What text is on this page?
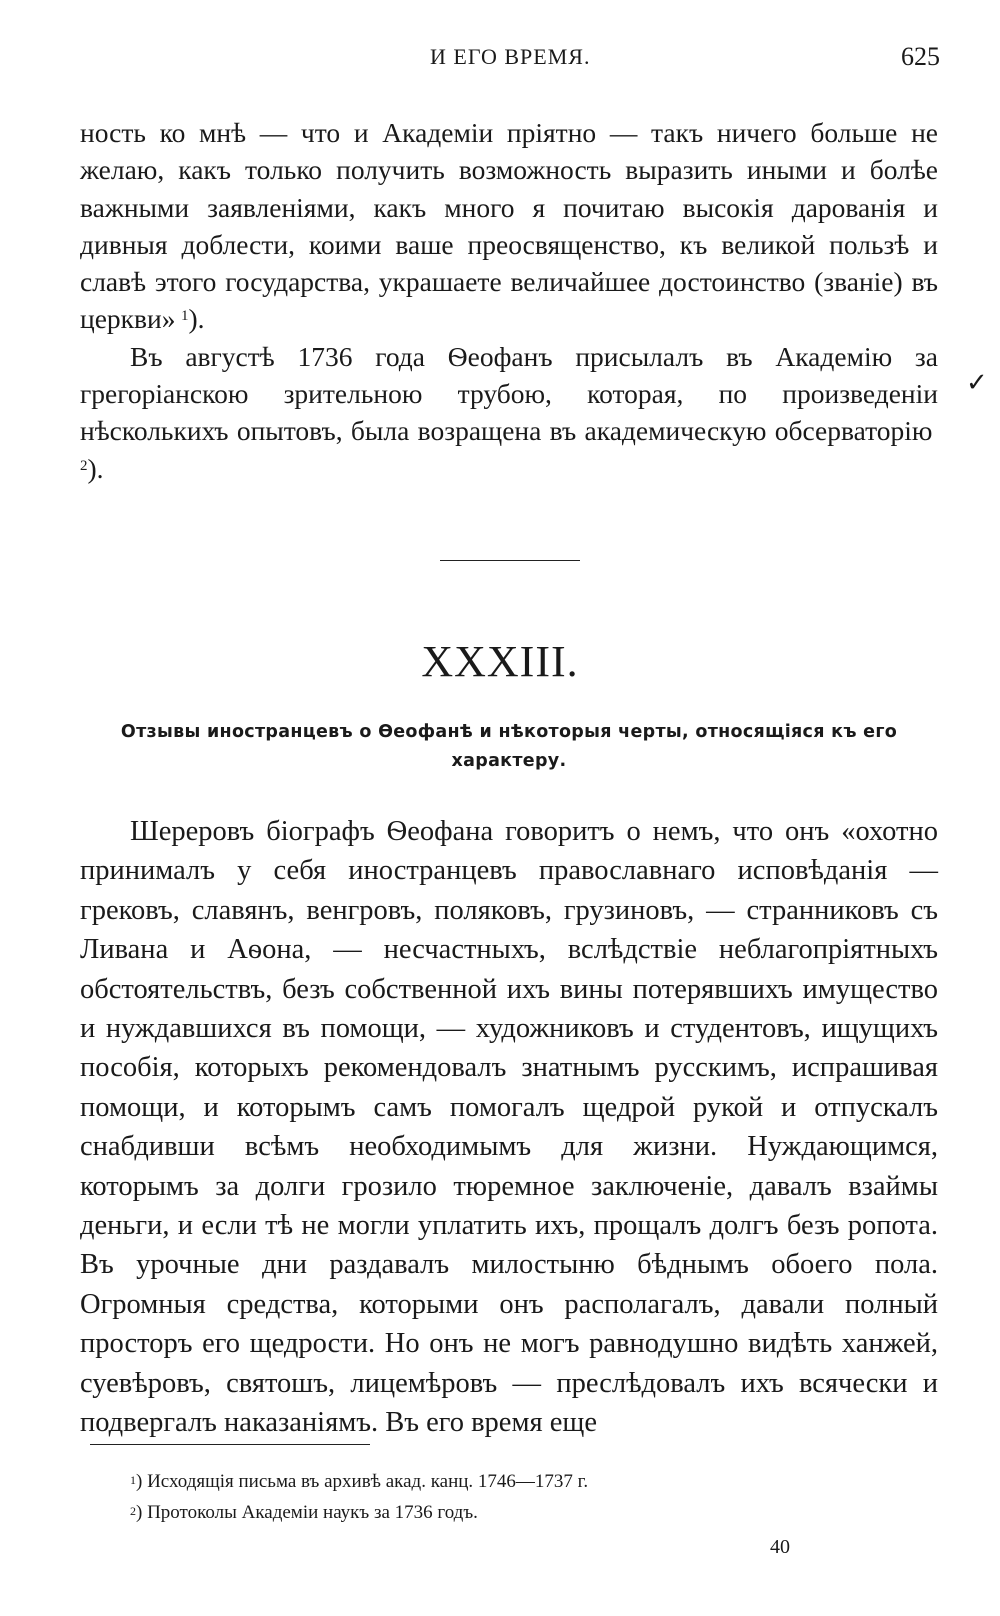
И ЕГО ВРЕМЯ.	625

ность ко мнѣ — что и Академіи пріятно — такъ ничего больше не желаю, какъ только получить возможность выразить иными и болѣе важными заявленіями, какъ много я почитаю высокія дарованія и дивныя доблести, коими ваше преосвященство, къ великой пользѣ и славѣ этого государства, украшаете величайшее достоинство (званіе) въ церкви»  $^1$).

Въ августѣ 1736 года Ѳеофанъ присылалъ въ Академію за грегоріанскою зрительною трубою, которая, по произведеніи нѣсколькихъ опытовъ, была возращена въ академическую обсерваторію $^2$).

✓
XXXIII.
Отзывы иностранцевъ о Ѳеофанѣ и нѣкоторыя черты, относящіяся къ его характеру.

Шереровъ біографъ Ѳеофана говоритъ о немъ, что онъ «охотно принималъ у себя иностранцевъ православнаго исповѣданія — грековъ, славянъ, венгровъ, поляковъ, грузиновъ, — странниковъ съ Ливана и Аѳона, — несчастныхъ, вслѣдствіе неблагопріятныхъ обстоятельствъ, безъ собственной ихъ вины потерявшихъ имущество и нуждавшихся въ помощи, — художниковъ и студентовъ, ищущихъ пособія, которыхъ рекомендовалъ знатнымъ русскимъ, испрашивая помощи, и которымъ самъ помогалъ щедрой рукой и отпускалъ снабдивши всѣмъ необходимымъ для жизни. Нуждающимся, которымъ за долги грозило тюремное заключеніе, давалъ взаймы деньги, и если тѣ не могли уплатить ихъ, прощалъ долгъ безъ ропота. Въ урочные дни раздавалъ милостыню бѣднымъ обоего пола. Огромныя средства, которыми онъ располагалъ, давали полный просторъ его щедрости. Но онъ не могъ равнодушно видѣть ханжей, суевѣровъ, святошъ, лицемѣровъ — преслѣдовалъ ихъ всячески и подвергалъ наказаніямъ. Въ его время еще

$^1$) Исходящія письма въ архивѣ акад. канц. 1746—1737 г.
$^2$) Протоколы Академіи наукъ за 1736 годъ.
40
